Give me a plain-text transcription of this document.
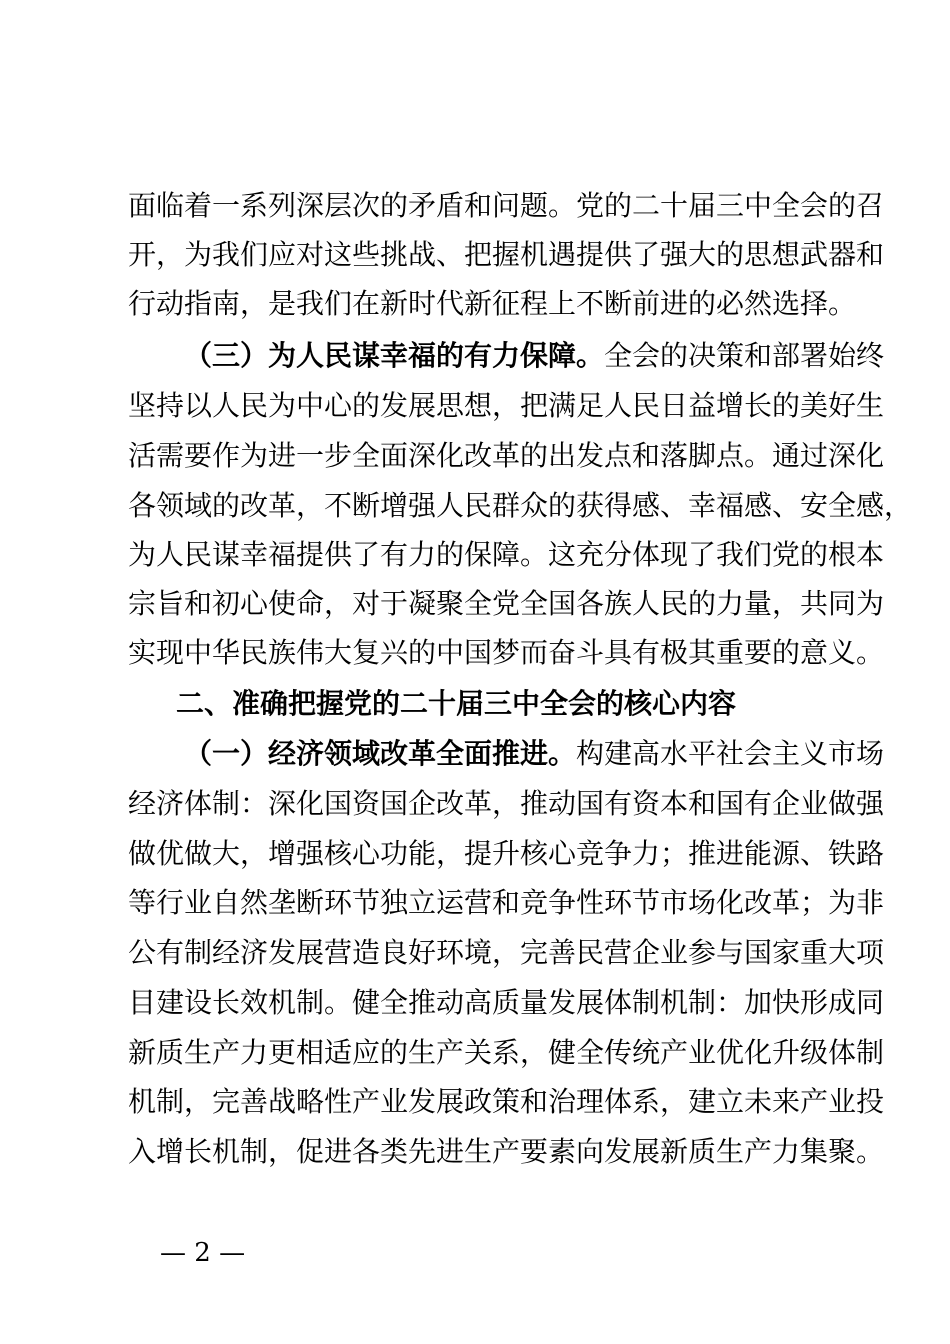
面临着一系列深层次的矛盾和问题。党的二十届三中全会的召
开，为我们应对这些挑战、把握机遇提供了强大的思想武器和
行动指南，是我们在新时代新征程上不断前进的必然选择。
（三）为人民谋幸福的有力保障。全会的决策和部署始终
坚持以人民为中心的发展思想，把满足人民日益增长的美好生
活需要作为进一步全面深化改革的出发点和落脚点。通过深化
各领域的改革，不断增强人民群众的获得感、幸福感、安全感，
为人民谋幸福提供了有力的保障。这充分体现了我们党的根本
宗旨和初心使命，对于凝聚全党全国各族人民的力量，共同为
实现中华民族伟大复兴的中国梦而奋斗具有极其重要的意义。
二、准确把握党的二十届三中全会的核心内容
（一）经济领域改革全面推进。构建高水平社会主义市场
经济体制：深化国资国企改革，推动国有资本和国有企业做强
做优做大，增强核心功能，提升核心竞争力；推进能源、铁路
等行业自然垄断环节独立运营和竞争性环节市场化改革；为非
公有制经济发展营造良好环境，完善民营企业参与国家重大项
目建设长效机制。健全推动高质量发展体制机制：加快形成同
新质生产力更相适应的生产关系，健全传统产业优化升级体制
机制，完善战略性产业发展政策和治理体系，建立未来产业投
入增长机制，促进各类先进生产要素向发展新质生产力集聚。
— 2 —
